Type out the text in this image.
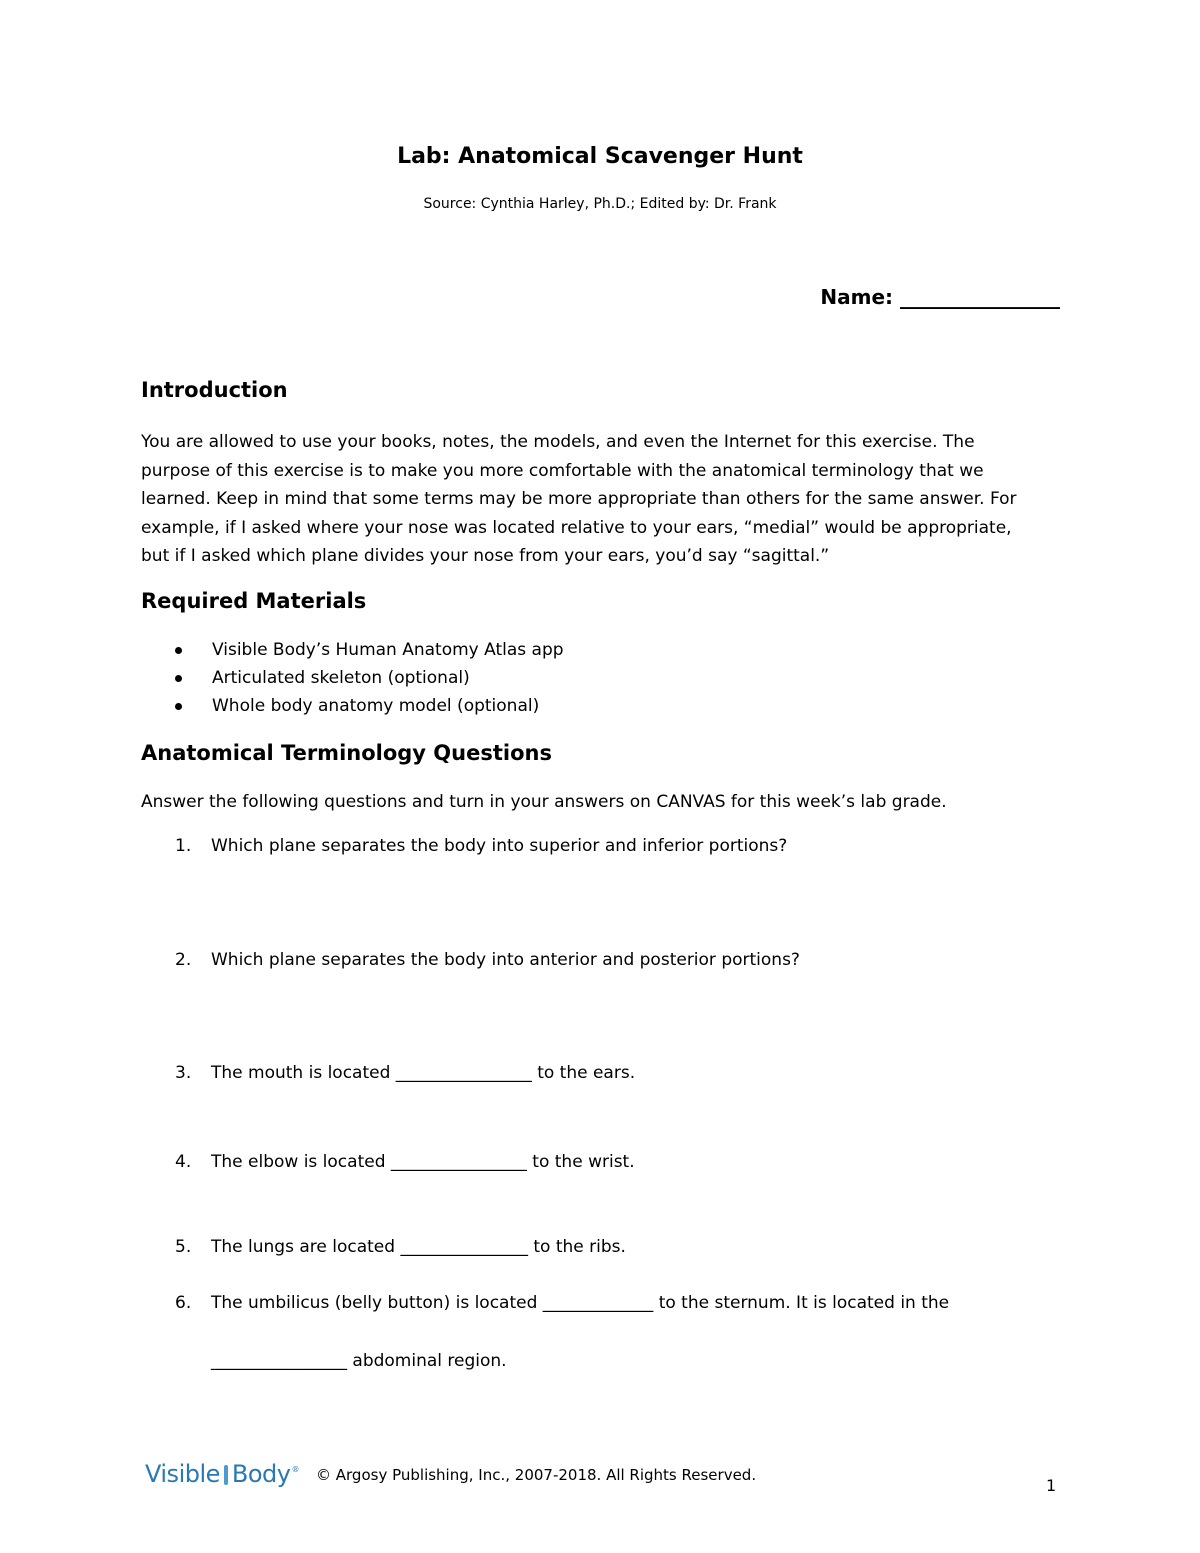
Lab: Anatomical Scavenger Hunt

Source: Cynthia Harley, Ph.D.; Edited by: Dr. Frank

Name: ________________

Introduction
You are allowed to use your books, notes, the models, and even the Internet for this exercise. The
purpose of this exercise is to make you more comfortable with the anatomical terminology that we
learned. Keep in mind that some terms may be more appropriate than others for the same answer. For
example, if I asked where your nose was located relative to your ears, “medial” would be appropriate,
but if I asked which plane divides your nose from your ears, you’d say “sagittal.”
Required Materials
Visible Body’s Human Anatomy Atlas app
Articulated skeleton (optional)
Whole body anatomy model (optional)
Anatomical Terminology Questions

Answer the following questions and turn in your answers on CANVAS for this week’s lab grade.

1.	Which plane separates the body into superior and inferior portions?
2.	Which plane separates the body into anterior and posterior portions?
3.	The mouth is located ________________ to the ears.
4.	The elbow is located ________________ to the wrist.
5.	The lungs are located _______________ to the ribs.
6.	The umbilicus (belly button) is located _____________ to the sternum. It is located in the

________________ abdominal region.

Visible Body ® © Argosy Publishing, Inc., 2007-2018. All Rights Reserved.

1
